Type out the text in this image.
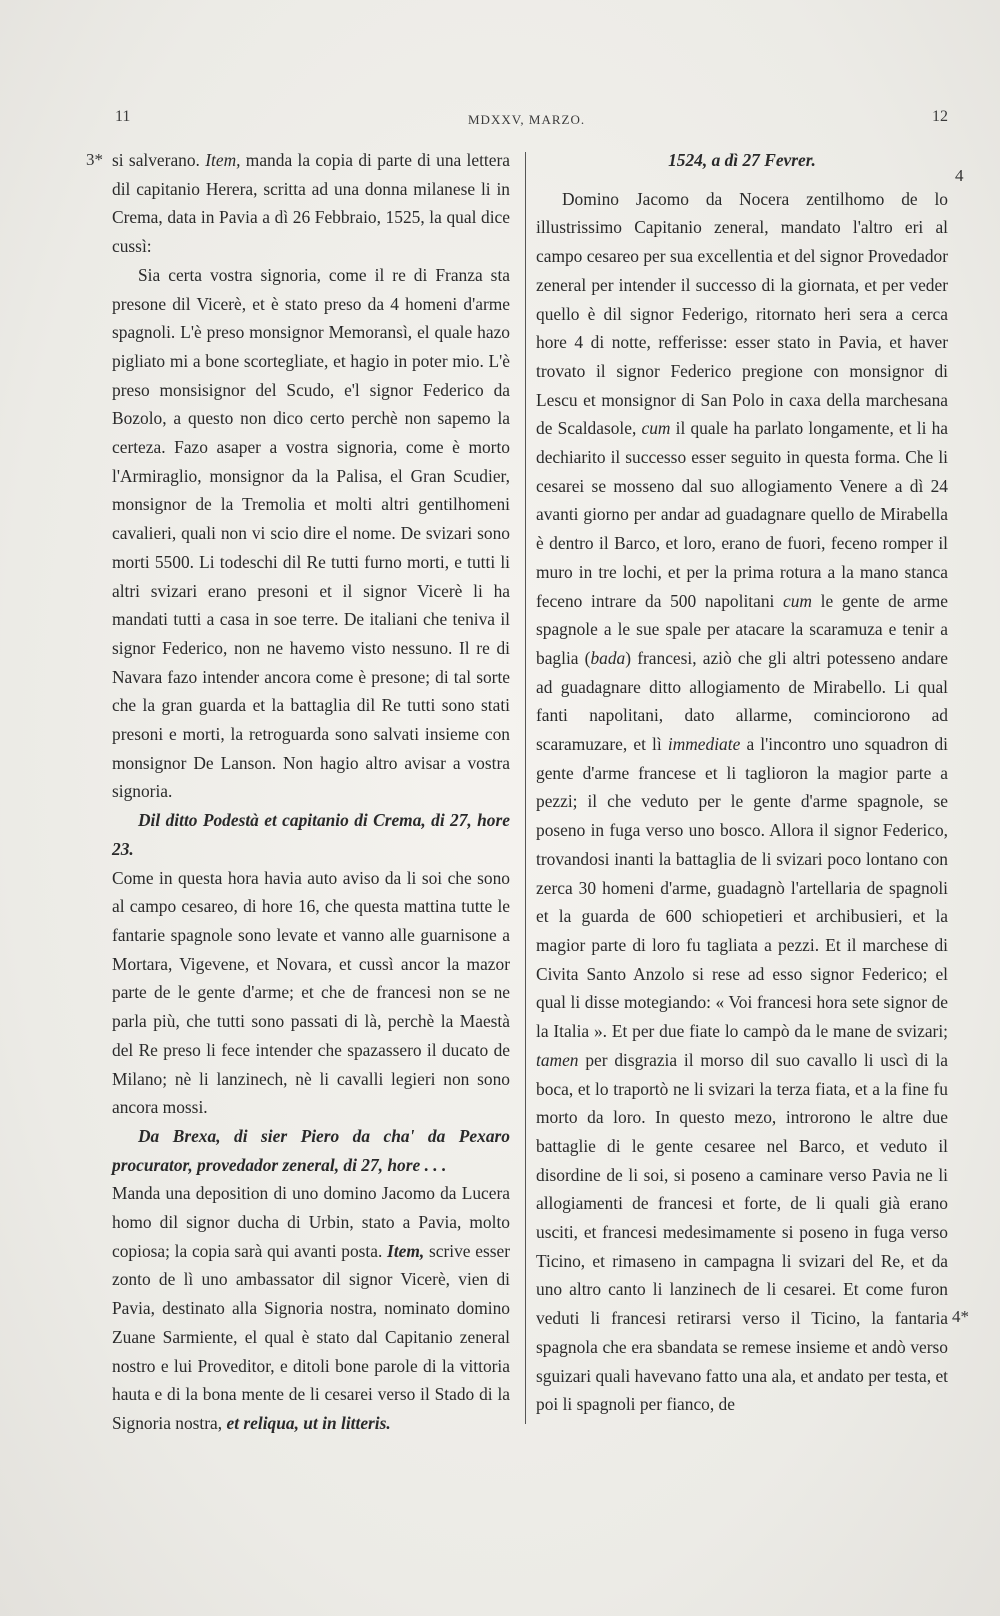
11	MDXXV, MARZO.	12
3*
4
4*

si salverano. Item, manda la copia di parte di una lettera dil capitanio Herera, scritta ad una donna milanese li in Crema, data in Pavia a dì 26 Febbraio, 1525, la qual dice cussì:

Sia certa vostra signoria, come il re di Franza sta presone dil Vicerè, et è stato preso da 4 homeni d'arme spagnoli. L'è preso monsignor Memoransì, el quale hazo pigliato mi a bone scortegliate, et hagio in poter mio. L'è preso monsisignor del Scudo, e'l signor Federico da Bozolo, a questo non dico certo perchè non sapemo la certeza. Fazo asaper a vostra signoria, come è morto l'Armiraglio, monsignor da la Palisa, el Gran Scudier, monsignor de la Tremolia et molti altri gentilhomeni cavalieri, quali non vi scio dire el nome. De svizari sono morti 5500. Li todeschi dil Re tutti furno morti, e tutti li altri svizari erano presoni et il signor Vicerè li ha mandati tutti a casa in soe terre. De italiani che teniva il signor Federico, non ne havemo visto nessuno. Il re di Navara fazo intender ancora come è presone; di tal sorte che la gran guarda et la battaglia dil Re tutti sono stati presoni e morti, la retroguarda sono salvati insieme con monsignor De Lanson. Non hagio altro avisar a vostra signoria.

Dil ditto Podestà et capitanio di Crema, di 27, hore 23.

Come in questa hora havia auto aviso da li soi che sono al campo cesareo, di hore 16, che questa mattina tutte le fantarie spagnole sono levate et vanno alle guarnisone a Mortara, Vigevene, et Novara, et cussì ancor la mazor parte de le gente d'arme; et che de francesi non se ne parla più, che tutti sono passati di là, perchè la Maestà del Re preso li fece intender che spazassero il ducato de Milano; nè li lanzinech, nè li cavalli legieri non sono ancora mossi.

Da Brexa, di sier Piero da cha' da Pexaro procurator, provedador zeneral, di 27, hore . . .

Manda una deposition di uno domino Jacomo da Lucera homo dil signor ducha di Urbin, stato a Pavia, molto copiosa; la copia sarà qui avanti posta. Item, scrive esser zonto de lì uno ambassator dil signor Vicerè, vien di Pavia, destinato alla Signoria nostra, nominato domino Zuane Sarmiente, el qual è stato dal Capitanio zeneral nostro e lui Proveditor, e ditoli bone parole di la vittoria hauta e di la bona mente de li cesarei verso il Stado di la Signoria nostra, et reliqua, ut in litteris.

1524, a dì 27 Fevrer.

Domino Jacomo da Nocera zentilhomo de lo illustrissimo Capitanio zeneral, mandato l'altro eri al campo cesareo per sua excellentia et del signor Provedador zeneral per intender il successo di la giornata, et per veder quello è dil signor Federigo, ritornato heri sera a cerca hore 4 di notte, refferisse: esser stato in Pavia, et haver trovato il signor Federico pregione con monsignor di Lescu et monsignor di San Polo in caxa della marchesana de Scaldasole, cum il quale ha parlato longamente, et li ha dechiarito il successo esser seguito in questa forma. Che li cesarei se mosseno dal suo allogiamento Venere a dì 24 avanti giorno per andar ad guadagnare quello de Mirabella è dentro il Barco, et loro, erano de fuori, feceno romper il muro in tre lochi, et per la prima rotura a la mano stanca feceno intrare da 500 napolitani cum le gente de arme spagnole a le sue spale per atacare la scaramuza e tenir a baglia (bada) francesi, aziò che gli altri potesseno andare ad guadagnare ditto allogiamento de Mirabello. Li qual fanti napolitani, dato allarme, cominciorono ad scaramuzare, et lì immediate a l'incontro uno squadron di gente d'arme francese et li taglioron la magior parte a pezzi; il che veduto per le gente d'arme spagnole, se poseno in fuga verso uno bosco. Allora il signor Federico, trovandosi inanti la battaglia de li svizari poco lontano con zerca 30 homeni d'arme, guadagnò l'artellaria de spagnoli et la guarda de 600 schiopetieri et archibusieri, et la magior parte di loro fu tagliata a pezzi. Et il marchese di Civita Santo Anzolo si rese ad esso signor Federico; el qual li disse motegiando: « Voi francesi hora sete signor de la Italia ». Et per due fiate lo campò da le mane de svizari; tamen per disgrazia il morso dil suo cavallo li uscì di la boca, et lo traportò ne li svizari la terza fiata, et a la fine fu morto da loro. In questo mezo, introrono le altre due battaglie di le gente cesaree nel Barco, et veduto il disordine de li soi, si poseno a caminare verso Pavia ne li allogiamenti de francesi et forte, de li quali già erano usciti, et francesi medesimamente si poseno in fuga verso Ticino, et rimaseno in campagna li svizari del Re, et da uno altro canto li lanzinech de li cesarei. Et come furon veduti li francesi retirarsi verso il Ticino, la fantaria spagnola che era sbandata se remese insieme et andò verso sguizari quali havevano fatto una ala, et andato per testa, et poi li spagnoli per fianco, de
